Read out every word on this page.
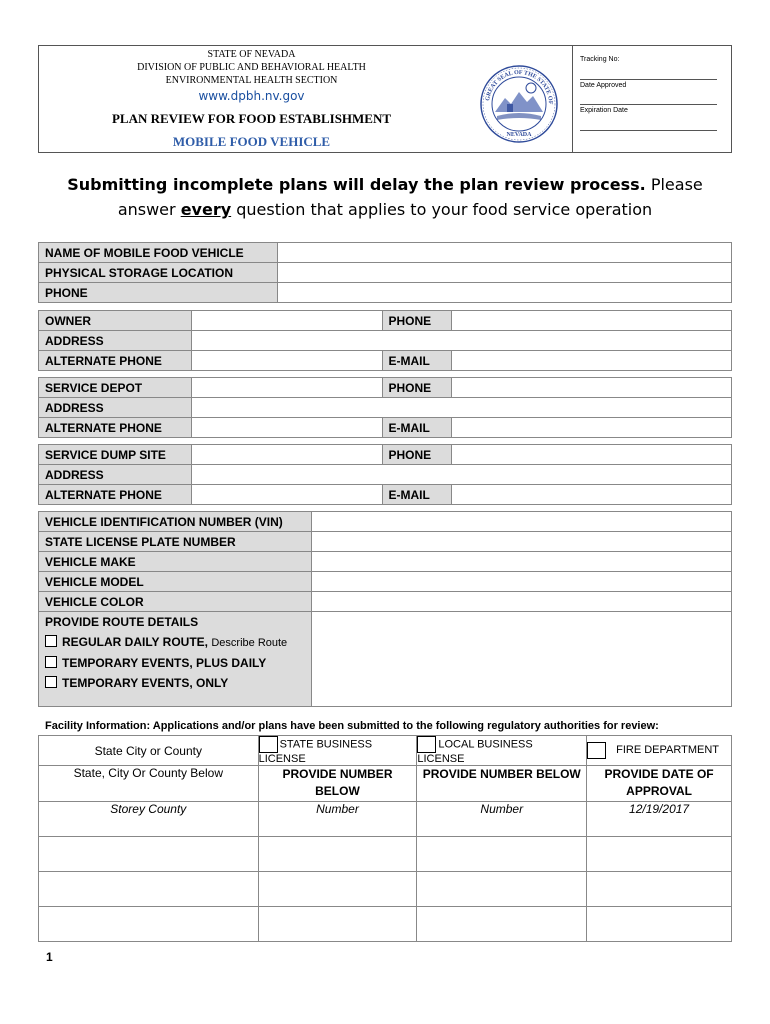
STATE OF NEVADA
DIVISION OF PUBLIC AND BEHAVIORAL HEALTH
ENVIRONMENTAL HEALTH SECTION
www.dpbh.nv.gov
PLAN REVIEW FOR FOOD ESTABLISHMENT
MOBILE FOOD VEHICLE
GREAT SEAL OF THE STATE OF
NEVADA
Tracking No:
Date Approved
Expiration Date
Submitting incomplete plans will delay the plan review process. Please answer every question that applies to your food service operation
NAME OF MOBILE FOOD VEHICLE	
PHYSICAL STORAGE LOCATION	
PHONE	
OWNER		PHONE	
ADDRESS			
ALTERNATE PHONE		E-MAIL	
SERVICE DEPOT		PHONE	
ADDRESS			
ALTERNATE PHONE		E-MAIL	
SERVICE DUMP SITE		PHONE	
ADDRESS			
ALTERNATE PHONE		E-MAIL	
VEHICLE IDENTIFICATION NUMBER (VIN)	
STATE LICENSE PLATE NUMBER	
VEHICLE MAKE	
VEHICLE MODEL	
VEHICLE COLOR	

PROVIDE ROUTE DETAILS
REGULAR DAILY ROUTE, Describe Route
TEMPORARY EVENTS, PLUS DAILY
TEMPORARY EVENTS, ONLY	

Facility Information: Applications and/or plans have been submitted to the following regulatory authorities for review:
State City or County	STATE BUSINESS LICENSE	LOCAL BUSINESS LICENSE	FIRE DEPARTMENT
State, City Or County Below	PROVIDE NUMBER BELOW	PROVIDE NUMBER BELOW	PROVIDE DATE OF APPROVAL
Storey County	Number	Number	12/19/2017

1
